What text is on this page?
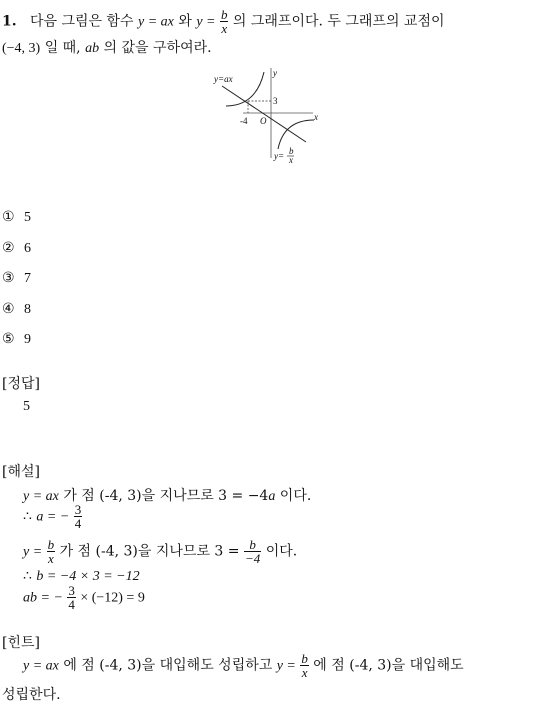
1. 다음 그림은 함수 y = ax 와 $y = \frac{b}{x}$ 의 그래프이다. 두 그래프의 교점이
(−4, 3) 일 때, ab 의 값을 구하여라.
y=ax
y
x
3
-4 O
y= b
x
① 5
② 6
③ 7
④ 8
⑤ 9
[정답]
5
[해설]
y = ax 가 점 (-4, 3)을 지나므로 3 = −4a 이다.
∴ a = − $\frac{3}{4}$
$y = \frac{b}{x}$ 가 점 (-4, 3)을 지나므로 $3 = \frac{b}{-4}$ 이다.
∴ b = −4 × 3 = −12
ab = − $\frac{3}{4} \times (-12) = 9$
[힌트]
y = ax 에 점 (-4, 3)을 대입해도 성립하고 $y = \frac{b}{x}$ 에 점 (-4, 3)을 대입해도
성립한다.
